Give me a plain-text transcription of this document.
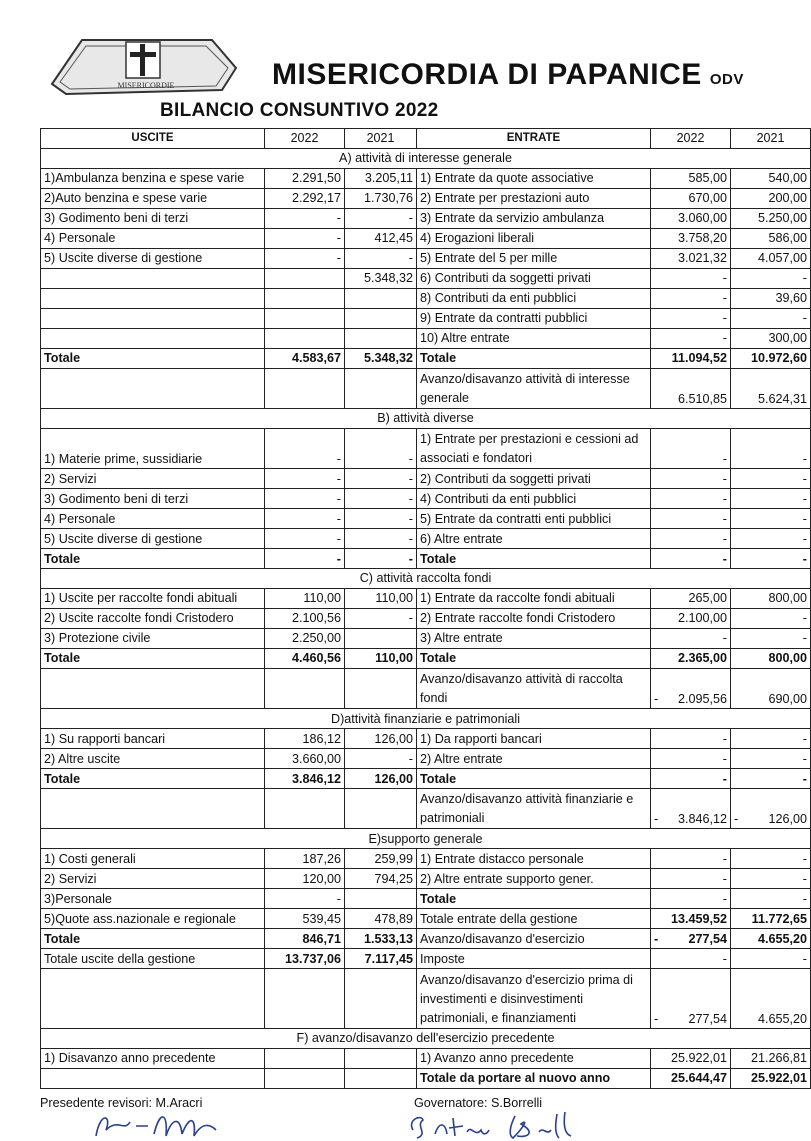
MISERICORDIE	MISERICORDIA DI PAPANICE ODV
BILANCIO CONSUNTIVO 2022
USCITE	2022	2021	ENTRATE	2022	2021
A) attività di interesse generale					
1)Ambulanza benzina e spese varie	2.291,50	3.205,11	1) Entrate da quote associative	585,00	540,00
2)Auto benzina e spese varie	2.292,17	1.730,76	2) Entrate per prestazioni auto	670,00	200,00
3) Godimento beni di terzi	-	-	3) Entrate da servizio ambulanza	3.060,00	5.250,00
4) Personale	-	412,45	4) Erogazioni liberali	3.758,20	586,00
5) Uscite diverse di gestione	-	-	5) Entrate del 5 per mille	3.021,32	4.057,00
		5.348,32	6) Contributi da soggetti privati	-	-
			8) Contributi da enti pubblici	-	39,60
			9) Entrate da contratti pubblici	-	-
			10) Altre entrate	-	300,00
Totale	4.583,67	5.348,32	Totale	11.094,52	10.972,60
			Avanzo/disavanzo attività di interesse generale	6.510,85	5.624,31
B) attività diverse					
1) Materie prime, sussidiarie	-	-	1) Entrate per prestazioni e cessioni ad associati e fondatori	-	-
2) Servizi	-	-	2) Contributi da soggetti privati	-	-
3) Godimento beni di terzi	-	-	4) Contributi da enti pubblici	-	-
4) Personale	-	-	5) Entrate da contratti enti pubblici	-	-
5) Uscite diverse di gestione	-	-	6) Altre entrate	-	-
Totale	-	-	Totale	-	-
C) attività raccolta fondi					
1) Uscite per raccolte fondi abituali	110,00	110,00	1) Entrate da raccolte fondi abituali	265,00	800,00
2) Uscite raccolte fondi Cristodero	2.100,56	-	2) Entrate raccolte fondi Cristodero	2.100,00	-
3) Protezione civile	2.250,00		3) Altre entrate	-	-
Totale	4.460,56	110,00	Totale	2.365,00	800,00
			Avanzo/disavanzo attività di raccolta fondi	- 2.095,56	690,00
D)attività finanziarie e patrimoniali					
1) Su rapporti bancari	186,12	126,00	1) Da rapporti bancari	-	-
2) Altre uscite	3.660,00	-	2) Altre entrate	-	-
Totale	3.846,12	126,00	Totale	-	-
			Avanzo/disavanzo attività finanziarie e patrimoniali	- 3.846,12	- 126,00
E)supporto generale					
1) Costi generali	187,26	259,99	1) Entrate distacco personale	-	-
2) Servizi	120,00	794,25	2) Altre entrate supporto gener.	-	-
3)Personale	-		Totale	-	-
5)Quote ass.nazionale e regionale	539,45	478,89	Totale entrate della gestione	13.459,52	11.772,65
Totale	846,71	1.533,13	Avanzo/disavanzo d'esercizio	- 277,54	4.655,20
Totale uscite della gestione	13.737,06	7.117,45	Imposte	-	-
			Avanzo/disavanzo d'esercizio prima di investimenti e disinvestimenti patrimoniali, e finanziamenti	- 277,54	4.655,20
F) avanzo/disavanzo dell'esercizio precedente					
1) Disavanzo anno precedente			1) Avanzo anno precedente	25.922,01	21.266,81
			Totale da portare al nuovo anno	25.644,47	25.922,01
Presedente revisori: M.Aracri	Governatore: S.Borrelli
